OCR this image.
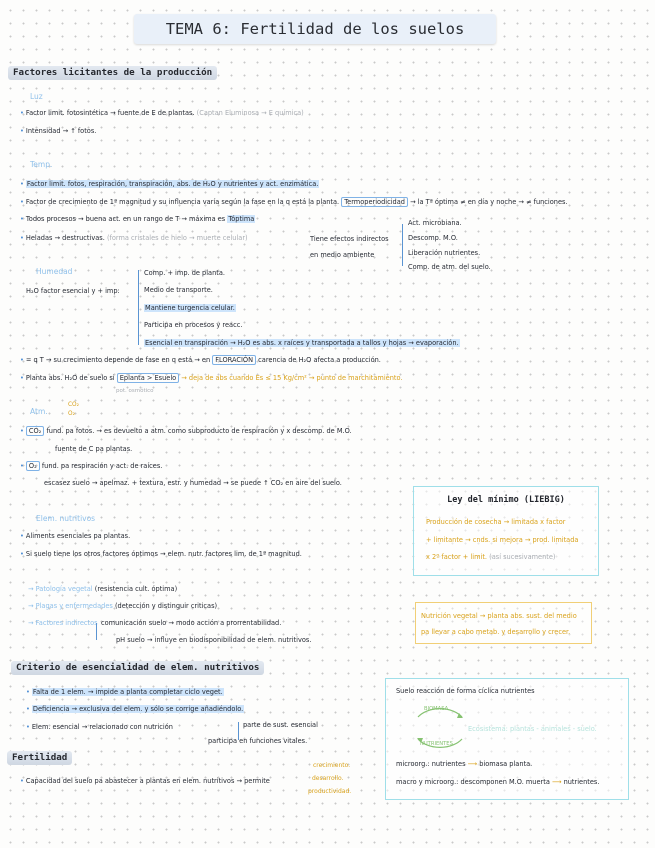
TEMA 6: Fertilidad de los suelos
Factores licitantes de la producción
Luz
• Factor limit. fotosintética → fuente de E de plantas. (Captan Eluminosa → E química)
• Intensidad → ↑ fotos.
Temp.
• Factor limit. fotos, respiración, transpiración, abs. de H₂O y nutrientes y act. enzimática.
• Factor de crecimiento de 1ª magnitud y su influencia varía según la fase en la q está la planta. Termoperiodicidad → la Tª óptima ≠ en día y noche → ≠ funciones.
• Todos procesos → buena act. en un rango de T → máxima es Tóptima
• Heladas → destructivas. (forma cristales de hielo → muerte celular)	Tiene efectos indirectos
en medio ambiente
Act. microbiana.
Descomp. M.O.
Liberación nutrientes.
Comp. de atm. del suelo.
Humedad
H₂O factor esencial y + imp:
Comp. + imp. de planta.
Medio de transporte.
Mantiene turgencia celular.
Participa en procesos y reacc.
Esencial en transpiración → H₂O es abs. x raíces y transportada a tallos y hojas → evaporación.
• = q T → su crecimiento depende de fase en q está → en FLORACIÓN carencia de H₂O afecta a producción.
• Planta abs. H₂O de suelo si Eplanta > Esuelo → deja de abs cuando Es ≤ 15 Kg/cm² → punto de marchitamiento.
pot. osmótico
Atm.
CO₂
O₂
• CO₂ fund. pa fotos. → es devuelto a atm. como subproducto de respiración y x descomp. de M.O.
fuente de C pa plantas.
• O₂ fund. pa respiración y act. de raíces.
escasez suelo → apelmaz. + textura, estr. y humedad → se puede ↑ CO₂ en aire del suelo.
Ley del mínimo (LIEBIG)
Producción de cosecha → limitada x factor
+ limitante → cnds. si mejora → prod. limitada
x 2º factor + limit. (así sucesivamente)
Elem. nutritivos
• Aliments esenciales pa plantas.
• Si suelo tiene los otros factores óptimos → elem. nutr. factores lim. de 1ª magnitud.
→ Patología vegetal (resistencia cult. óptima)
→ Plagas y enfermedades (detección y distinguir criticas)
→ Factores indirectos comunicación suelo → modo acción a prorrentabilidad.
pH suelo → influye en biodisponibilidad de elem. nutritivos.
Nutrición vegetal → planta abs. sust. del medio
pa llevar a cabo metab. y desarrollo y crecer.
Criterio de esencialidad de elem. nutritivos
• Falta de 1 elem. → impide a planta completar ciclo veget.
• Deficiencia → exclusiva del elem. y sólo se corrige añadiéndolo.
• Elem. esencial → relacionado con nutrición	parte de sust. esencial
participa en funciones vitales.
Suelo reacción de forma cíclica nutrientes
BIOMASA
NUTRIENTES
Ecosistema: plantas - animales - suelo.
microorg.: nutrientes ⟶ biomasa planta.
macro y microorg.: descomponen M.O. muerta ⟶ nutrientes.
Fertilidad
• Capacidad del suelo pa abastecer a plantas en elem. nutritivos → permite
crecimiento.
desarrollo.
productividad.
